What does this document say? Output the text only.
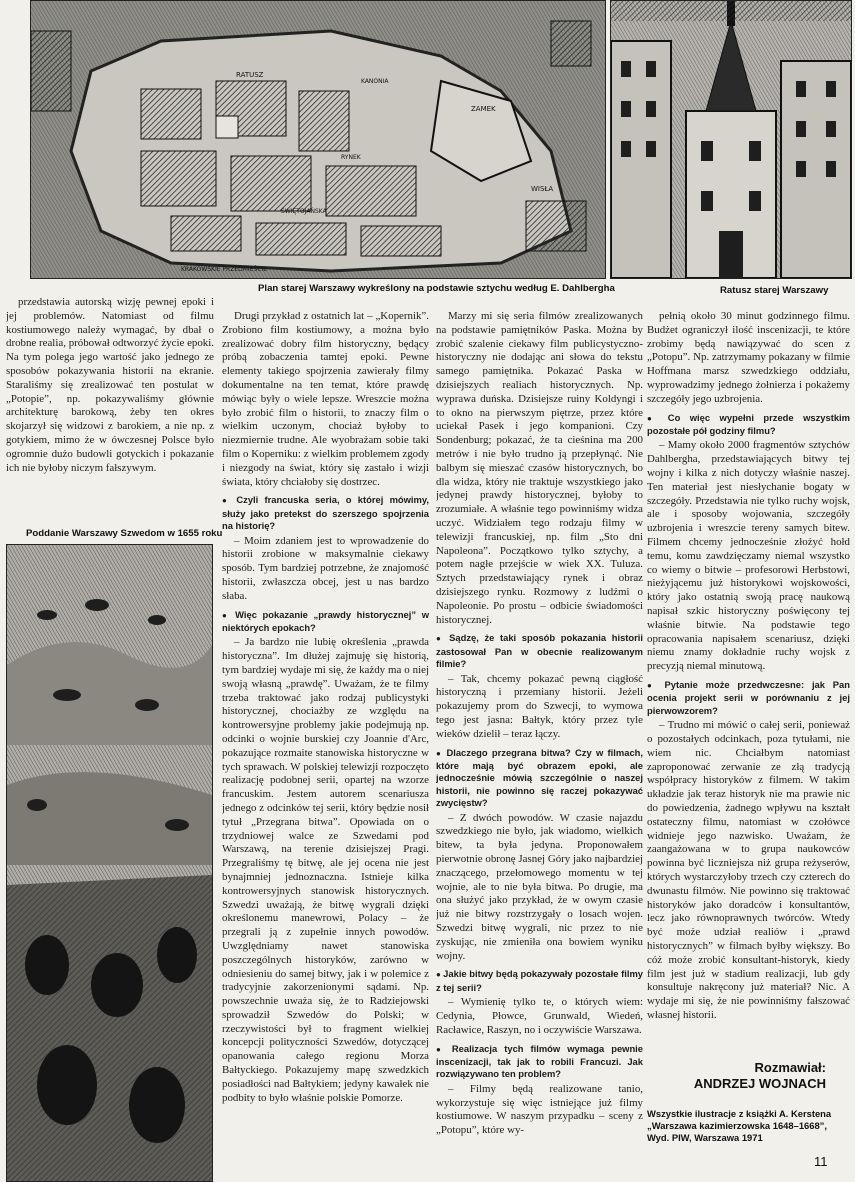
RATUSZ
ZAMEK
WISŁA
RYNEK
KANONIA
KRAKOWSKIE PRZEDMIEŚCIE
ŚWIĘTOJAŃSKA
Plan starej Warszawy wykreślony na podstawie sztychu według E. Dahlbergha	Ratusz starej Warszawy
Poddanie Warszawy Szwedom w 1655 roku

przedstawia autorską wizję pewnej epoki i jej problemów. Natomiast od filmu kostiumowego należy wymagać, by dbał o drobne realia, próbował odtworzyć życie epoki. Na tym polega jego wartość jako jednego ze sposobów pokazywania historii na ekranie. Staraliśmy się zrealizować ten postulat w „Potopie”, np. pokazywaliśmy głównie architekturę barokową, żeby ten okres skojarzył się widzowi z barokiem, a nie np. z gotykiem, mimo że w ówczesnej Polsce było ogromnie dużo budowli gotyckich i pokazanie ich nie byłoby niczym fałszywym.

Drugi przykład z ostatnich lat – „Kopernik”. Zrobiono film kostiumowy, a można było zrealizować dobry film historyczny, będący próbą zobaczenia tamtej epoki. Pewne elementy takiego spojrzenia zawierały filmy dokumentalne na ten temat, które prawdę mówiąc były o wiele lepsze. Wreszcie można było zrobić film o historii, to znaczy film o wielkim uczonym, chociaż byłoby to niezmiernie trudne. Ale wyobrażam sobie taki film o Koperniku: z wielkim problemem zgody i niezgody na świat, który się zastało i wizji świata, który chciałoby się dostrzec.

● Czyli francuska seria, o której mówimy, służy jako pretekst do szerszego spojrzenia na historię?

– Moim zdaniem jest to wprowadzenie do historii zrobione w maksymalnie ciekawy sposób. Tym bardziej potrzebne, że znajomość historii, zwłaszcza obcej, jest u nas bardzo słaba.

● Więc pokazanie „prawdy historycznej” w niektórych epokach?

– Ja bardzo nie lubię określenia „prawda historyczna”. Im dłużej zajmuję się historią, tym bardziej wydaje mi się, że każdy ma o niej swoją własną „prawdę”. Uważam, że te filmy trzeba traktować jako rodzaj publicystyki historycznej, chociażby ze względu na kontrowersyjne problemy jakie podejmują np. odcinki o wojnie burskiej czy Joannie d'Arc, pokazujące rozmaite stanowiska historyczne w tych sprawach. W polskiej telewizji rozpoczęto realizację podobnej serii, opartej na wzorze francuskim. Jestem autorem scenariusza jednego z odcinków tej serii, który będzie nosił tytuł „Przegrana bitwa”. Opowiada on o trzydniowej walce ze Szwedami pod Warszawą, na terenie dzisiejszej Pragi. Przegraliśmy tę bitwę, ale jej ocena nie jest bynajmniej jednoznaczna. Istnieje kilka kontrowersyjnych stanowisk historycznych. Szwedzi uważają, że bitwę wygrali dzięki określonemu manewrowi, Polacy – że przegrali ją z zupełnie innych powodów. Uwzględniamy nawet stanowiska poszczególnych historyków, zarówno w odniesieniu do samej bitwy, jak i w polemice z tradycyjnie zakorzenionymi sądami. Np. powszechnie uważa się, że to Radziejowski sprowadził Szwedów do Polski; w rzeczywistości był to fragment wielkiej koncepcji polityczności Szwedów, dotyczącej opanowania całego regionu Morza Bałtyckiego. Pokazujemy mapę szwedzkich posiadłości nad Bałtykiem; jedyny kawałek nie podbity to było właśnie polskie Pomorze.

Marzy mi się seria filmów zrealizowanych na podstawie pamiętników Paska. Można by zrobić szalenie ciekawy film publicystyczno-historyczny nie dodając ani słowa do tekstu samego pamiętnika. Pokazać Paska w dzisiejszych realiach historycznych. Np. wyprawa duńska. Dzisiejsze ruiny Koldyngi i to okno na pierwszym piętrze, przez które uciekał Pasek i jego kompanioni. Czy Sondenburg; pokazać, że ta cieśnina ma 200 metrów i nie było trudno ją przepłynąć. Nie balbym się mieszać czasów historycznych, bo dla widza, który nie traktuje wszystkiego jako jedynej prawdy historycznej, byłoby to zrozumiałe. A właśnie tego powinniśmy widza uczyć. Widziałem tego rodzaju filmy w telewizji francuskiej, np. film „Sto dni Napoleona”. Początkowo tylko sztychy, a potem nagłe przejście w wiek XX. Tuluza. Sztych przedstawiający rynek i obraz dzisiejszego rynku. Rozmowy z ludźmi o Napoleonie. Po prostu – odbicie świadomości historycznej.

● Sądzę, że taki sposób pokazania historii zastosował Pan w obecnie realizowanym filmie?

– Tak, chcemy pokazać pewną ciągłość historyczną i przemiany historii. Jeżeli pokazujemy prom do Szwecji, to wymowa tego jest jasna: Bałtyk, który przez tyle wieków dzielił – teraz łączy.

● Dlaczego przegrana bitwa? Czy w filmach, które mają być obrazem epoki, ale jednocześnie mówią szczególnie o naszej historii, nie powinno się raczej pokazywać zwycięstw?

– Z dwóch powodów. W czasie najazdu szwedzkiego nie było, jak wiadomo, wielkich bitew, ta była jedyna. Proponowałem pierwotnie obronę Jasnej Góry jako najbardziej znaczącego, przełomowego momentu w tej wojnie, ale to nie była bitwa. Po drugie, ma ona służyć jako przykład, że w owym czasie już nie bitwy rozstrzygały o losach wojen. Szwedzi bitwę wygrali, nic przez to nie zyskując, nie zmieniła ona bowiem wyniku wojny.

● Jakie bitwy będą pokazywały pozostałe filmy z tej serii?

– Wymienię tylko te, o których wiem: Cedynia, Płowce, Grunwald, Wiedeń, Racławice, Raszyn, no i oczywiście Warszawa.

● Realizacja tych filmów wymaga pewnie inscenizacji, tak jak to robili Francuzi. Jak rozwiązywano ten problem?

– Filmy będą realizowane tanio, wykorzystuje się więc istniejące już filmy kostiumowe. W naszym przypadku – sceny z „Potopu”, które wy-

pełnią około 30 minut godzinnego filmu. Budżet ograniczył ilość inscenizacji, te które zrobimy będą nawiązywać do scen z „Potopu”. Np. zatrzymamy pokazany w filmie Hoffmana marsz szwedzkiego oddziału, wyprowadzimy jednego żołnierza i pokażemy szczegóły jego uzbrojenia.

● Co więc wypełni przede wszystkim pozostałe pół godziny filmu?

– Mamy około 2000 fragmentów sztychów Dahlbergha, przedstawiających bitwy tej wojny i kilka z nich dotyczy właśnie naszej. Ten materiał jest niesłychanie bogaty w szczegóły. Przedstawia nie tylko ruchy wojsk, ale i sposoby wojowania, szczegóły uzbrojenia i wreszcie tereny samych bitew. Filmem chcemy jednocześnie złożyć hołd temu, komu zawdzięczamy niemal wszystko co wiemy o bitwie – profesorowi Herbstowi, nieżyjącemu już historykowi wojskowości, który jako ostatnią swoją pracę naukową napisał szkic historyczny poświęcony tej właśnie bitwie. Na podstawie tego opracowania napisałem scenariusz, dzięki niemu znamy dokładnie ruchy wojsk z precyzją niemal minutową.

● Pytanie może przedwczesne: jak Pan ocenia projekt serii w porównaniu z jej pierwowzorem?

– Trudno mi mówić o całej serii, ponieważ o pozostałych odcinkach, poza tytułami, nie wiem nic. Chciałbym natomiast zaproponować zerwanie ze złą tradycją współpracy historyków z filmem. W takim układzie jak teraz historyk nie ma prawie nic do powiedzenia, żadnego wpływu na kształt ostateczny filmu, natomiast w czołówce widnieje jego nazwisko. Uważam, że zaangażowana w to grupa naukowców powinna być liczniejsza niż grupa reżyserów, których wystarczyłoby trzech czy czterech do dwunastu filmów. Nie powinno się traktować historyków jako doradców i konsultantów, lecz jako równoprawnych twórców. Wtedy być może udział realiów i „prawd historycznych” w filmach byłby większy. Bo cóż może zrobić konsultant-historyk, kiedy film jest już w stadium realizacji, lub gdy konsultuje nakręcony już materiał? Nic. A wydaje mi się, że nie powinniśmy fałszować własnej historii.

Rozmawiał:
ANDRZEJ WOJNACH
Wszystkie ilustracje z książki A. Kerstena „Warszawa kazimierzowska 1648–1668”, Wyd. PIW, Warszawa 1971
11
